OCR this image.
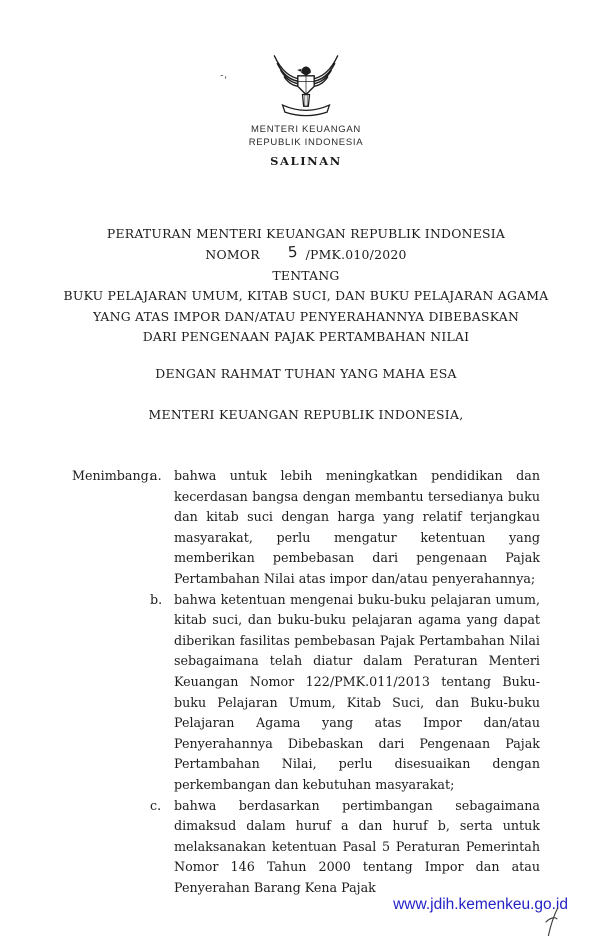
-,
MENTERI KEUANGAN
REPUBLIK INDONESIA
SALINAN
PERATURAN MENTERI KEUANGAN REPUBLIK INDONESIA
NOMOR 5 /PMK.010/2020
TENTANG
BUKU PELAJARAN UMUM, KITAB SUCI, DAN BUKU PELAJARAN AGAMA
YANG ATAS IMPOR DAN/ATAU PENYERAHANNYA DIBEBASKAN
DARI PENGENAAN PAJAK PERTAMBAHAN NILAI
DENGAN RAHMAT TUHAN YANG MAHA ESA
MENTERI KEUANGAN REPUBLIK INDONESIA,
Menimbang:
a. bahwa untuk lebih meningkatkan pendidikan dan kecerdasan bangsa dengan membantu tersedianya buku dan kitab suci dengan harga yang relatif terjangkau masyarakat, perlu mengatur ketentuan yang memberikan pembebasan dari pengenaan Pajak Pertambahan Nilai atas impor dan/atau penyerahannya;
b. bahwa ketentuan mengenai buku-buku pelajaran umum, kitab suci, dan buku-buku pelajaran agama yang dapat diberikan fasilitas pembebasan Pajak Pertambahan Nilai sebagaimana telah diatur dalam Peraturan Menteri Keuangan Nomor 122/PMK.011/2013 tentang Buku-buku Pelajaran Umum, Kitab Suci, dan Buku-buku Pelajaran Agama yang atas Impor dan/atau Penyerahannya Dibebaskan dari Pengenaan Pajak Pertambahan Nilai, perlu disesuaikan dengan perkembangan dan kebutuhan masyarakat;
c.	bahwa berdasarkan pertimbangan sebagaimana dimaksud dalam huruf a dan huruf b, serta untuk melaksanakan ketentuan Pasal 5 Peraturan Pemerintah Nomor 146 Tahun 2000 tentang Impor dan atau Penyerahan Barang Kena Pajak
www.jdih.kemenkeu.go.id
